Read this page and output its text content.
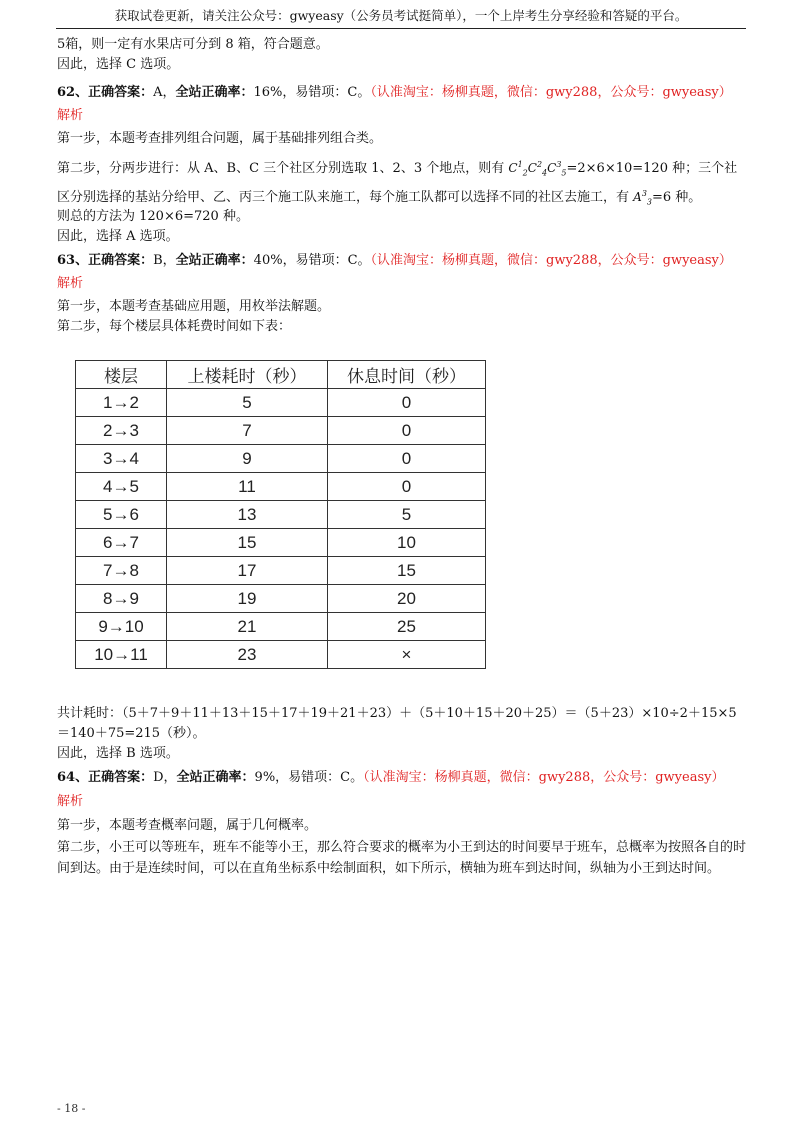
获取试卷更新，请关注公众号：gwyeasy（公务员考试挺简单），一个上岸考生分享经验和答疑的平台。
5箱，则一定有水果店可分到 8 箱，符合题意。
因此，选择 C 选项。
62、正确答案：A，全站正确率：16%，易错项：C。（认准淘宝：杨柳真题，微信：gwy288，公众号：gwyeasy）
解析
第一步，本题考查排列组合问题，属于基础排列组合类。
第二步，分两步进行：从 A、B、C 三个社区分别选取 1、2、3 个地点，则有 $C^1_2C^2_4C^3_5=2\times 6\times 10=120$ 种；三个社区分别选择的基站分给甲、乙、丙三个施工队来施工，每个施工队都可以选择不同的社区去施工，有 $A^3_3=6$ 种。
则总的方法为 120×6=720 种。
因此，选择 A 选项。
63、正确答案：B，全站正确率：40%，易错项：C。（认准淘宝：杨柳真题，微信：gwy288，公众号：gwyeasy）
解析
第一步，本题考查基础应用题，用枚举法解题。
第二步，每个楼层具体耗费时间如下表：
楼层	上楼耗时（秒）	休息时间（秒）
1→2	5	0
2→3	7	0
3→4	9	0
4→5	11	0
5→6	13	5
6→7	15	10
7→8	17	15
8→9	19	20
9→10	21	25
10→11	23	×
共计耗时：（5＋7＋9＋11＋13＋15＋17＋19＋21＋23）＋（5＋10＋15＋20＋25）＝（5＋23）×10÷2＋15×5
＝140＋75=215（秒）。
因此，选择 B 选项。
64、正确答案：D，全站正确率：9%，易错项：C。（认准淘宝：杨柳真题，微信：gwy288，公众号：gwyeasy）
解析
第一步，本题考查概率问题，属于几何概率。
第二步，小王可以等班车，班车不能等小王，那么符合要求的概率为小王到达的时间要早于班车，总概率为按照各自的时间到达。由于是连续时间，可以在直角坐标系中绘制面积，如下所示，横轴为班车到达时间，纵轴为小王到达时间。
- 18 -
